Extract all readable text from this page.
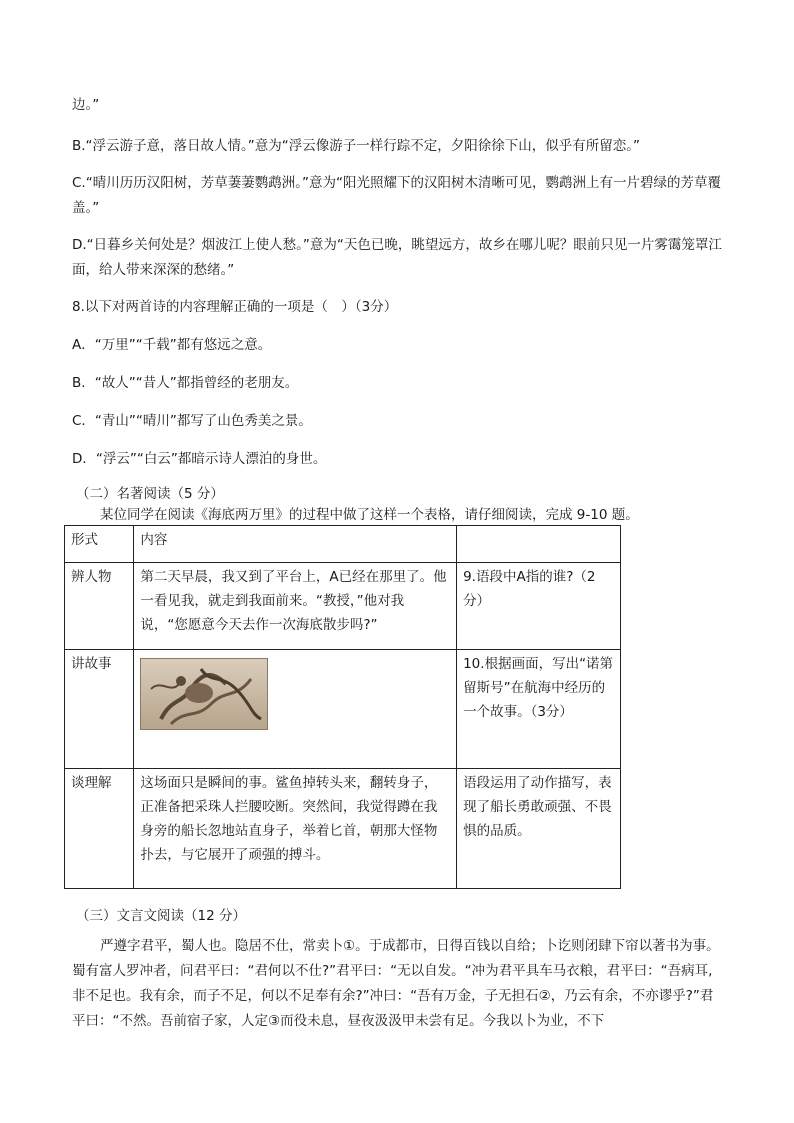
边。”
B.“浮云游子意，落日故人情。”意为“浮云像游子一样行踪不定，夕阳徐徐下山，似乎有所留恋。”
C.“晴川历历汉阳树，芳草萋萋鹦鹉洲。”意为“阳光照耀下的汉阳树木清晰可见，鹦鹉洲上有一片碧绿的芳草覆盖。”
D.“日暮乡关何处是？烟波江上使人愁。”意为“天色已晚，眺望远方，故乡在哪儿呢？眼前只见一片雾霭笼罩江面，给人带来深深的愁绪。”
8.以下对两首诗的内容理解正确的一项是（　）（3分）
A．“万里”“千载”都有悠远之意。
B．“故人”“昔人”都指曾经的老朋友。
C．“青山”“晴川”都写了山色秀美之景。
D．“浮云”“白云”都暗示诗人漂泊的身世。
（二）名著阅读（5 分）
某位同学在阅读《海底两万里》的过程中做了这样一个表格，请仔细阅读，完成 9-10 题。
形式	内容	
辨人物	第二天早晨，我又到了平台上，A已经在那里了。他一看见我，就走到我面前来。“教授，”他对我说，“您愿意今天去作一次海底散步吗?”	9.语段中A指的谁?（2分）
讲故事		10.根据画面，写出“诺第留斯号”在航海中经历的一个故事。（3分）
谈理解	这场面只是瞬间的事。鲨鱼掉转头来，翻转身子，正准备把采珠人拦腰咬断。突然间，我觉得蹲在我身旁的船长忽地站直身子，举着匕首，朝那大怪物扑去，与它展开了顽强的搏斗。	语段运用了动作描写，表现了船长勇敢顽强、不畏惧的品质。
（三）文言文阅读（12 分）
严遵字君平，蜀人也。隐居不仕，常卖卜①。于成都市，日得百钱以自给；卜讫则闭肆下帘以著书为事。蜀有富人罗冲者，问君平曰：“君何以不仕?”君平曰：“无以自发。“冲为君平具车马衣粮，君平曰：“吾病耳,非不足也。我有余，而子不足，何以不足奉有余?”冲曰：“吾有万金，子无担石②，乃云有余，不亦谬乎?”君平曰：“不然。吾前宿子家，人定③而役未息，昼夜汲汲甲未尝有足。今我以卜为业，不下
